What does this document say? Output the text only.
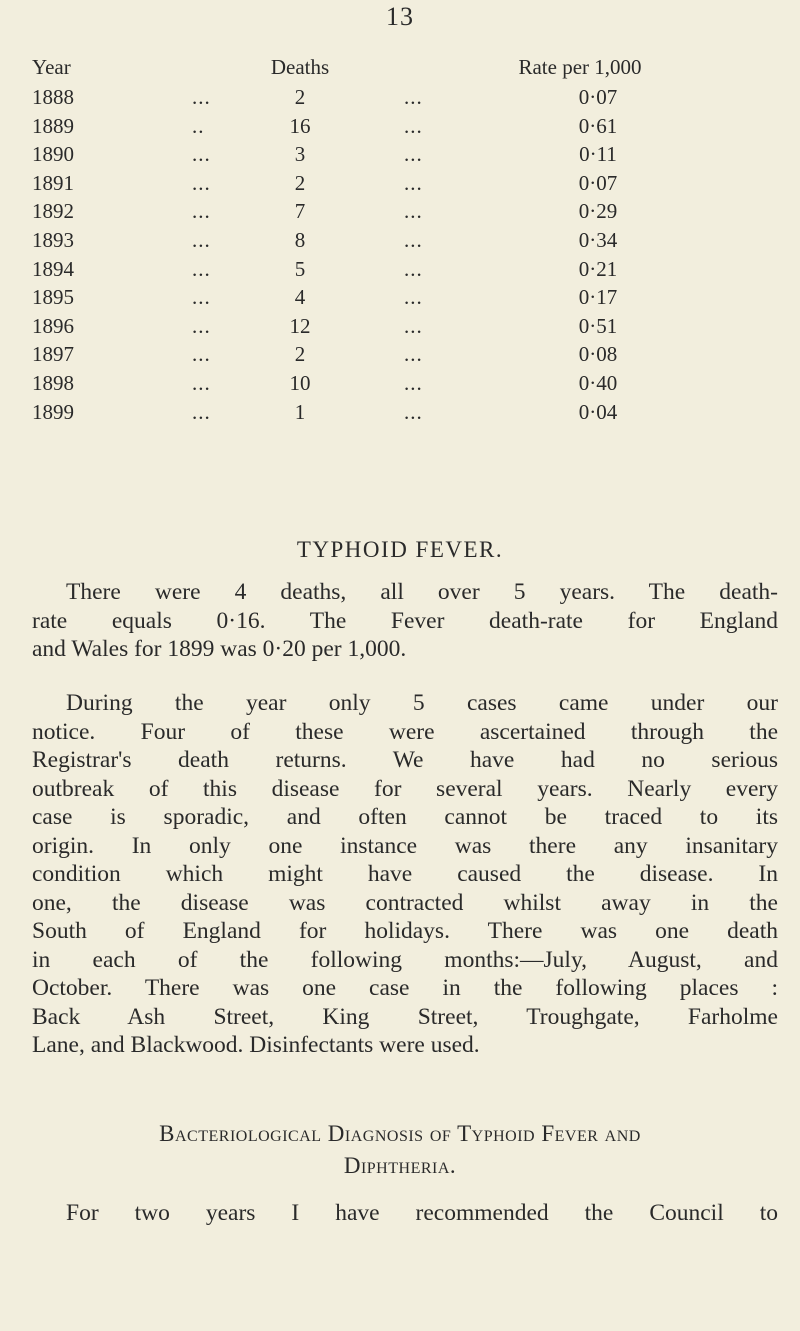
13
Year	Deaths	Rate per 1,000
1888	...	2	...	0·07
1889	..	16	...	0·61
1890	...	3	...	0·11
1891	...	2	...	0·07
1892	...	7	...	0·29
1893	...	8	...	0·34
1894	...	5	...	0·21
1895	...	4	...	0·17
1896	...	12	...	0·51
1897	...	2	...	0·08
1898	...	10	...	0·40
1899	...	1	...	0·04
TYPHOID FEVER.
There were 4 deaths, all over 5 years. The death-
rate equals 0·16. The Fever death-rate for England
and Wales for 1899 was 0·20 per 1,000.
During the year only 5 cases came under our
notice. Four of these were ascertained through the
Registrar's death returns. We have had no serious
outbreak of this disease for several years. Nearly every
case is sporadic, and often cannot be traced to its
origin. In only one instance was there any insanitary
condition which might have caused the disease. In
one, the disease was contracted whilst away in the
South of England for holidays. There was one death
in each of the following months:—July, August, and
October. There was one case in the following places :
Back Ash Street, King Street, Troughgate, Farholme
Lane, and Blackwood. Disinfectants were used.
Bacteriological Diagnosis of Typhoid Fever and
Diphtheria.
For two years I have recommended the Council to
